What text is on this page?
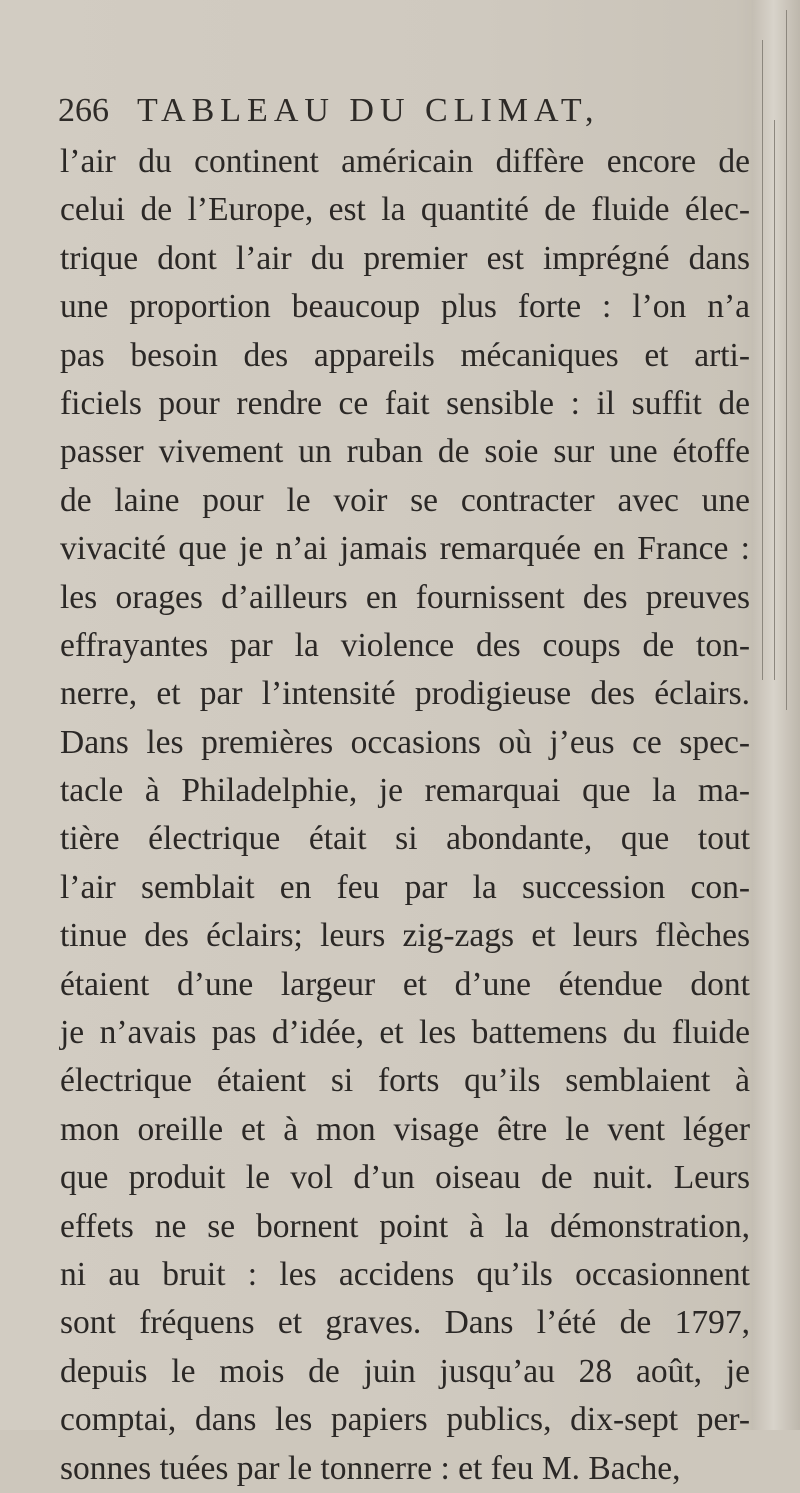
266 TABLEAU DU CLIMAT,
l’air du continent américain diffère encore de
celui de l’Europe, est la quantité de fluide élec-
trique dont l’air du premier est imprégné dans
une proportion beaucoup plus forte : l’on n’a
pas besoin des appareils mécaniques et arti-
ficiels pour rendre ce fait sensible : il suffit de
passer vivement un ruban de soie sur une étoffe
de laine pour le voir se contracter avec une
vivacité que je n’ai jamais remarquée en France :
les orages d’ailleurs en fournissent des preuves
effrayantes par la violence des coups de ton-
nerre, et par l’intensité prodigieuse des éclairs.
Dans les premières occasions où j’eus ce spec-
tacle à Philadelphie, je remarquai que la ma-
tière électrique était si abondante, que tout
l’air semblait en feu par la succession con-
tinue des éclairs; leurs zig-zags et leurs flèches
étaient d’une largeur et d’une étendue dont
je n’avais pas d’idée, et les battemens du fluide
électrique étaient si forts qu’ils semblaient à
mon oreille et à mon visage être le vent léger
que produit le vol d’un oiseau de nuit. Leurs
effets ne se bornent point à la démonstration,
ni au bruit : les accidens qu’ils occasionnent
sont fréquens et graves. Dans l’été de 1797,
depuis le mois de juin jusqu’au 28 août, je
comptai, dans les papiers publics, dix-sept per-
sonnes tuées par le tonnerre : et feu M. Bache,
